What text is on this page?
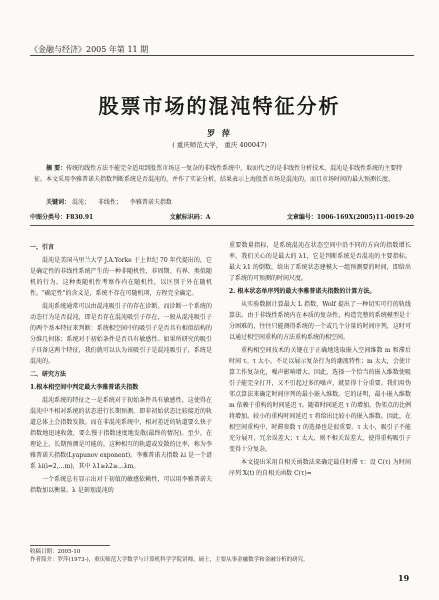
《金融与经济》2005 年第 11 期
股票市场的混沌特征分析
罗 萍
( 重庆师范大学， 重庆 400047)
摘 要：传统的线性方法不能完全适用到股票市场这一复杂的非线性系统中，取而代之的是非线性分析技术，混沌是非线性系统的主要特征。本文采用李雅普诺夫指数判断系统是否混沌的，并作了实证分析，结果表示上海股票市场是混沌的，而且市场时间的最大预测长度。
关键词： 混沌； 非线性； 李雅普诺夫指数
中图分类号：F830.91	文献标识码：A	文章编号：1006-169X(2005)11-0019-20

一、引言

混沌是美国马里兰大学 J.A.Yorke 于上世纪 70 年代提出的，它是确定性的非线性系统产生的一种非随机性，非周期、有界、类似随机的行为。这种类随机性考察作内在随机性，以区别于外在随机性。"确定性"的含义是，系统不存在可随机项，方程完全确定。

混沌系统通常可以由混沌吸引子的存在诊断。而诊断一个系统的动态行为是否混沌，即是否存在混沌吸引子存在，一般从混沌吸引子的两个基本特征来判断：系统相空间中的吸引子是否具有相似结构的分维几何体；系统对于初始条件是否具有敏感性。如果所研究的吸引子具备这两个特征，我们就可以认为该吸引子是混沌吸引子，系统是混沌的。

二、研究方法

1.根本相空间中判定最大李雅普诺夫指数

混沌系统的特征之一是系统对于初始条件具有敏感性，这使得在混沌中不相对系统的状态进行长期预测，即非初始状态比较接近的轨道总体上会指数发散。而在非混沌系统中，相对差近的轨道要么快于指数地迅速收敛，要么慢于指数速度地发散(最终的情况)。至少，在理论上，长期预测是可能的。这种相互的轨道或发散的比率，称为李雅普诺夫指数(Lyapunov exponent)。李雅普诺夫指数 λi 是一个谱系 λi(i=2,…m)，其中 λ1≥λ2≥…λm。

一个系统总有显示出对于初值的敏感依赖性，可以用李雅普诺夫指数加以衡量。λ 是刻划混沌的

重要数量指标，是系统混沌在状态空间中沿不同的方向的指数增长率，我们关心的是最大的 λ1，它是判断系统是否混沌的主要指标。最大 λ1 的倒数，给出了系统状态建模大一组预测要的时间，即给出了系统的可预测的时间尺度。

2. 根本状态单序列的最大李雅普诺夫指数的计算方法。

从实验数据计算最大 L 指数，Wolf 提出了一种切实可行的轨线算法。由于非线性系统内在本质的复杂性，构造完整的系统模型是十分困难的，往往只能测得系统的一个或几个分量的时间序列，这时可以通过相空间重构的方法重构系统的相空间。

重构相空间技术的关键在于正确地选取嵌入空间维数 m 和滞后时间 τ。τ 太小，不足以展示复杂行为的潮流特性；m 太大，会使计算工作复杂化，噪声影响增大。因此，选择一个恰当的嵌入维数使吸引子能完全打开，又不引起过多的噪声，就显得十分重要。我们用伪邻点算法来确定时间序列的最小嵌入维数。它的证明，最小嵌入维数 m 依赖于重构的时间延迟 τ。随着时间延迟 τ 的增加，伪邻点的比例将增加。较小的重构时间延迟 τ 将给出比较小的嵌入维数。因此，在相空间重构中，时滞参数 τ 的选择也是很重要。τ 太小，吸引子不能充分展开，冗余误差大；τ 太大，则不相关误差大，使得重构吸引子变得十分复杂。

本文提出采用自相关函数法来确定最佳时滞 τ：设 C(τ) 为时间序列 X(t) 的自相关函数 C(τ)=

收稿日期：2005-10
作者简介：罗萍(1973-)，重庆师范大学数学与计算机科学学院讲师，硕士，主要从事金融数学和金融分析的研究。
19
